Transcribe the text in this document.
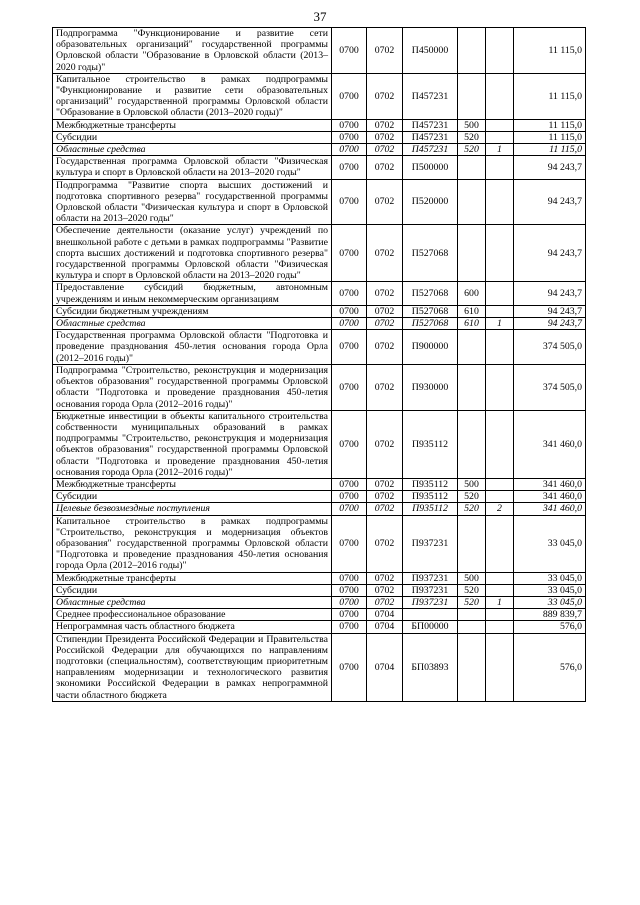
37
Подпрограмма "Функционирование и развитие сети образовательных организаций" государственной программы Орловской области "Образование в Орловской области (2013–2020 годы)"	0700	0702	П450000			11 115,0
Капитальное строительство в рамках подпрограммы "Функционирование и развитие сети образовательных организаций" государственной программы Орловской области "Образование в Орловской области (2013–2020 годы)"	0700	0702	П457231			11 115,0
Межбюджетные трансферты	0700	0702	П457231	500		11 115,0
Субсидии	0700	0702	П457231	520		11 115,0
Областные средства	0700	0702	П457231	520	1	11 115,0
Государственная программа Орловской области "Физическая культура и спорт в Орловской области на 2013–2020 годы"	0700	0702	П500000			94 243,7
Подпрограмма "Развитие спорта высших достижений и подготовка спортивного резерва" государственной программы Орловской области "Физическая культура и спорт в Орловской области на 2013–2020 годы"	0700	0702	П520000			94 243,7
Обеспечение деятельности (оказание услуг) учреждений по внешкольной работе с детьми в рамках подпрограммы "Развитие спорта высших достижений и подготовка спортивного резерва" государственной программы Орловской области "Физическая культура и спорт в Орловской области на 2013–2020 годы"	0700	0702	П527068			94 243,7
Предоставление субсидий бюджетным, автономным учреждениям и иным некоммерческим организациям	0700	0702	П527068	600		94 243,7
Субсидии бюджетным учреждениям	0700	0702	П527068	610		94 243,7
Областные средства	0700	0702	П527068	610	1	94 243,7
Государственная программа Орловской области "Подготовка и проведение празднования 450-летия основания города Орла (2012–2016 годы)"	0700	0702	П900000			374 505,0
Подпрограмма "Строительство, реконструкция и модернизация объектов образования" государственной программы Орловской области "Подготовка и проведение празднования 450-летия основания города Орла (2012–2016 годы)"	0700	0702	П930000			374 505,0
Бюджетные инвестиции в объекты капитального строительства собственности муниципальных образований в рамках подпрограммы "Строительство, реконструкция и модернизация объектов образования" государственной программы Орловской области "Подготовка и проведение празднования 450-летия основания города Орла (2012–2016 годы)"	0700	0702	П935112			341 460,0
Межбюджетные трансферты	0700	0702	П935112	500		341 460,0
Субсидии	0700	0702	П935112	520		341 460,0
Целевые безвозмездные поступления	0700	0702	П935112	520	2	341 460,0
Капитальное строительство в рамках подпрограммы "Строительство, реконструкция и модернизация объектов образования" государственной программы Орловской области "Подготовка и проведение празднования 450-летия основания города Орла (2012–2016 годы)"	0700	0702	П937231			33 045,0
Межбюджетные трансферты	0700	0702	П937231	500		33 045,0
Субсидии	0700	0702	П937231	520		33 045,0
Областные средства	0700	0702	П937231	520	1	33 045,0
Среднее профессиональное образование	0700	0704				889 839,7
Непрограммная часть областного бюджета	0700	0704	БП00000			576,0
Стипендии Президента Российской Федерации и Правительства Российской Федерации для обучающихся по направлениям подготовки (специальностям), соответствующим приоритетным направлениям модернизации и технологического развития экономики Российской Федерации в рамках непрограммной части областного бюджета	0700	0704	БП03893			576,0
